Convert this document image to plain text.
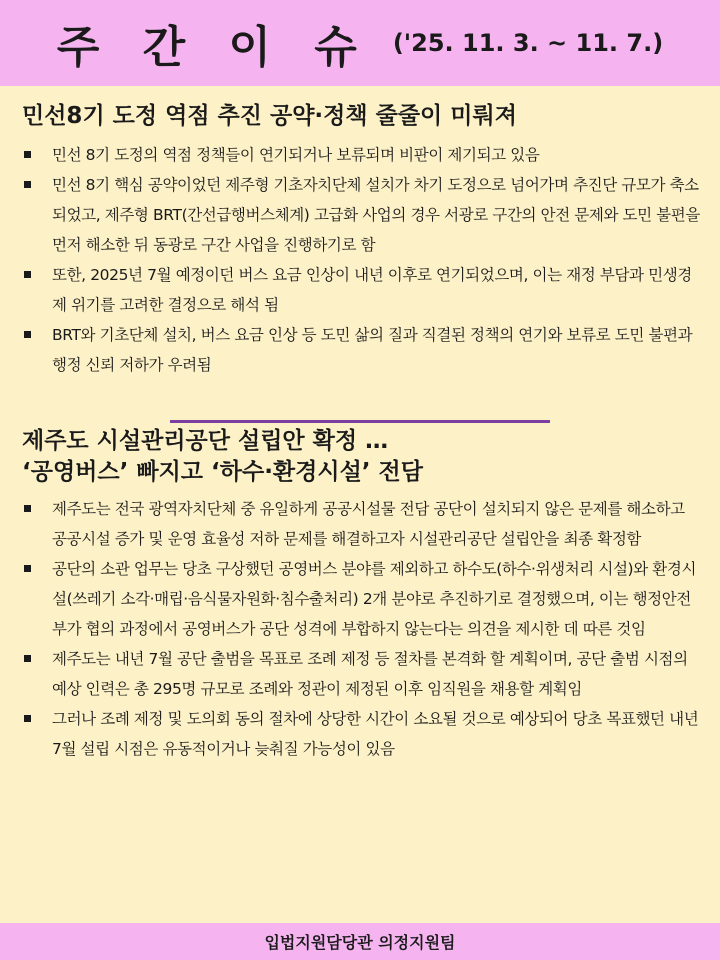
주 간 이 슈 ('25. 11. 3. ~ 11. 7.)
민선8기 도정 역점 추진 공약·정책 줄줄이 미뤄져
민선 8기 도정의 역점 정책들이 연기되거나 보류되며 비판이 제기되고 있음
민선 8기 핵심 공약이었던 제주형 기초자치단체 설치가 차기 도정으로 넘어가며 추진단 규모가 축소되었고, 제주형 BRT(간선급행버스체계) 고급화 사업의 경우 서광로 구간의 안전 문제와 도민 불편을 먼저 해소한 뒤 동광로 구간 사업을 진행하기로 함
또한, 2025년 7월 예정이던 버스 요금 인상이 내년 이후로 연기되었으며, 이는 재정 부담과 민생경제 위기를 고려한 결정으로 해석 됨
BRT와 기초단체 설치, 버스 요금 인상 등 도민 삶의 질과 직결된 정책의 연기와 보류로 도민 불편과 행정 신뢰 저하가 우려됨
제주도 시설관리공단 설립안 확정 …
‘공영버스’ 빠지고 ‘하수·환경시설’ 전담
제주도는 전국 광역자치단체 중 유일하게 공공시설물 전담 공단이 설치되지 않은 문제를 해소하고 공공시설 증가 및 운영 효율성 저하 문제를 해결하고자 시설관리공단 설립안을 최종 확정함
공단의 소관 업무는 당초 구상했던 공영버스 분야를 제외하고 하수도(하수·위생처리 시설)와 환경시설(쓰레기 소각·매립·음식물자원화·침수출처리) 2개 분야로 추진하기로 결정했으며, 이는 행정안전부가 협의 과정에서 공영버스가 공단 성격에 부합하지 않는다는 의견을 제시한 데 따른 것임
제주도는 내년 7월 공단 출범을 목표로 조례 제정 등 절차를 본격화 할 계획이며, 공단 출범 시점의 예상 인력은 총 295명 규모로 조례와 정관이 제정된 이후 임직원을 채용할 계획임
그러나 조례 제정 및 도의회 동의 절차에 상당한 시간이 소요될 것으로 예상되어 당초 목표했던 내년 7월 설립 시점은 유동적이거나 늦춰질 가능성이 있음
입법지원담당관 의정지원팀
